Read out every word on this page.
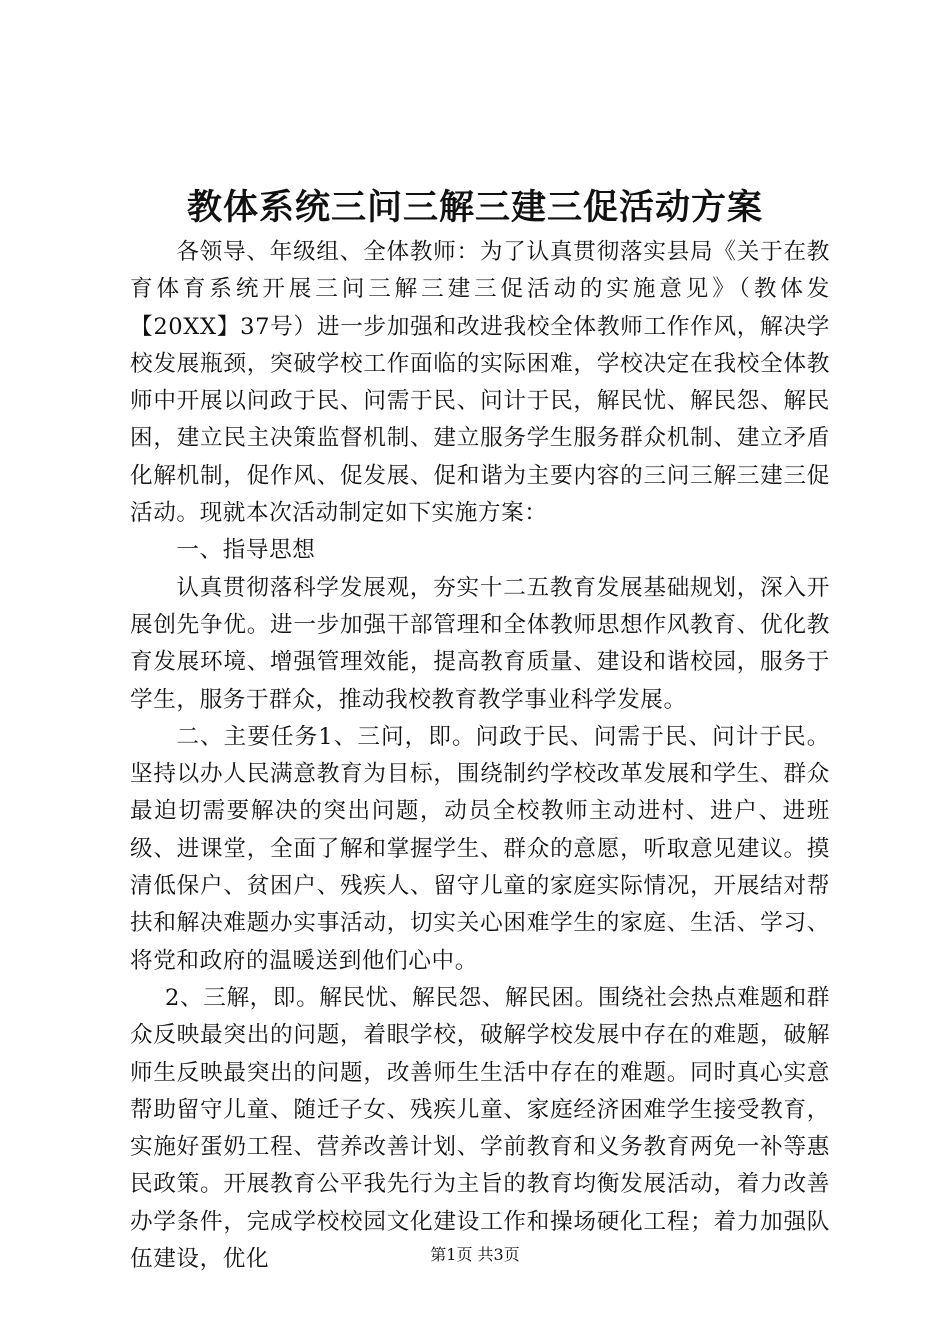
教体系统三问三解三建三促活动方案

各领导、年级组、全体教师：为了认真贯彻落实县局《关于在教育体育系统开展三问三解三建三促活动的实施意见》（教体发【20XX】37号）进一步加强和改进我校全体教师工作作风，解决学校发展瓶颈，突破学校工作面临的实际困难，学校决定在我校全体教师中开展以问政于民、问需于民、问计于民，解民忧、解民怨、解民困，建立民主决策监督机制、建立服务学生服务群众机制、建立矛盾化解机制，促作风、促发展、促和谐为主要内容的三问三解三建三促活动。现就本次活动制定如下实施方案：

一、指导思想

认真贯彻落科学发展观，夯实十二五教育发展基础规划，深入开展创先争优。进一步加强干部管理和全体教师思想作风教育、优化教育发展环境、增强管理效能，提高教育质量、建设和谐校园，服务于学生，服务于群众，推动我校教育教学事业科学发展。

二、主要任务1、三问，即。问政于民、问需于民、问计于民。坚持以办人民满意教育为目标，围绕制约学校改革发展和学生、群众最迫切需要解决的突出问题，动员全校教师主动进村、进户、进班级、进课堂，全面了解和掌握学生、群众的意愿，听取意见建议。摸清低保户、贫困户、残疾人、留守儿童的家庭实际情况，开展结对帮扶和解决难题办实事活动，切实关心困难学生的家庭、生活、学习、将党和政府的温暖送到他们心中。

2、三解，即。解民忧、解民怨、解民困。围绕社会热点难题和群众反映最突出的问题，着眼学校，破解学校发展中存在的难题，破解师生反映最突出的问题，改善师生生活中存在的难题。同时真心实意帮助留守儿童、随迁子女、残疾儿童、家庭经济困难学生接受教育，实施好蛋奶工程、营养改善计划、学前教育和义务教育两免一补等惠民政策。开展教育公平我先行为主旨的教育均衡发展活动，着力改善办学条件，完成学校校园文化建设工作和操场硬化工程；着力加强队伍建设，优化	第1页 共3页
